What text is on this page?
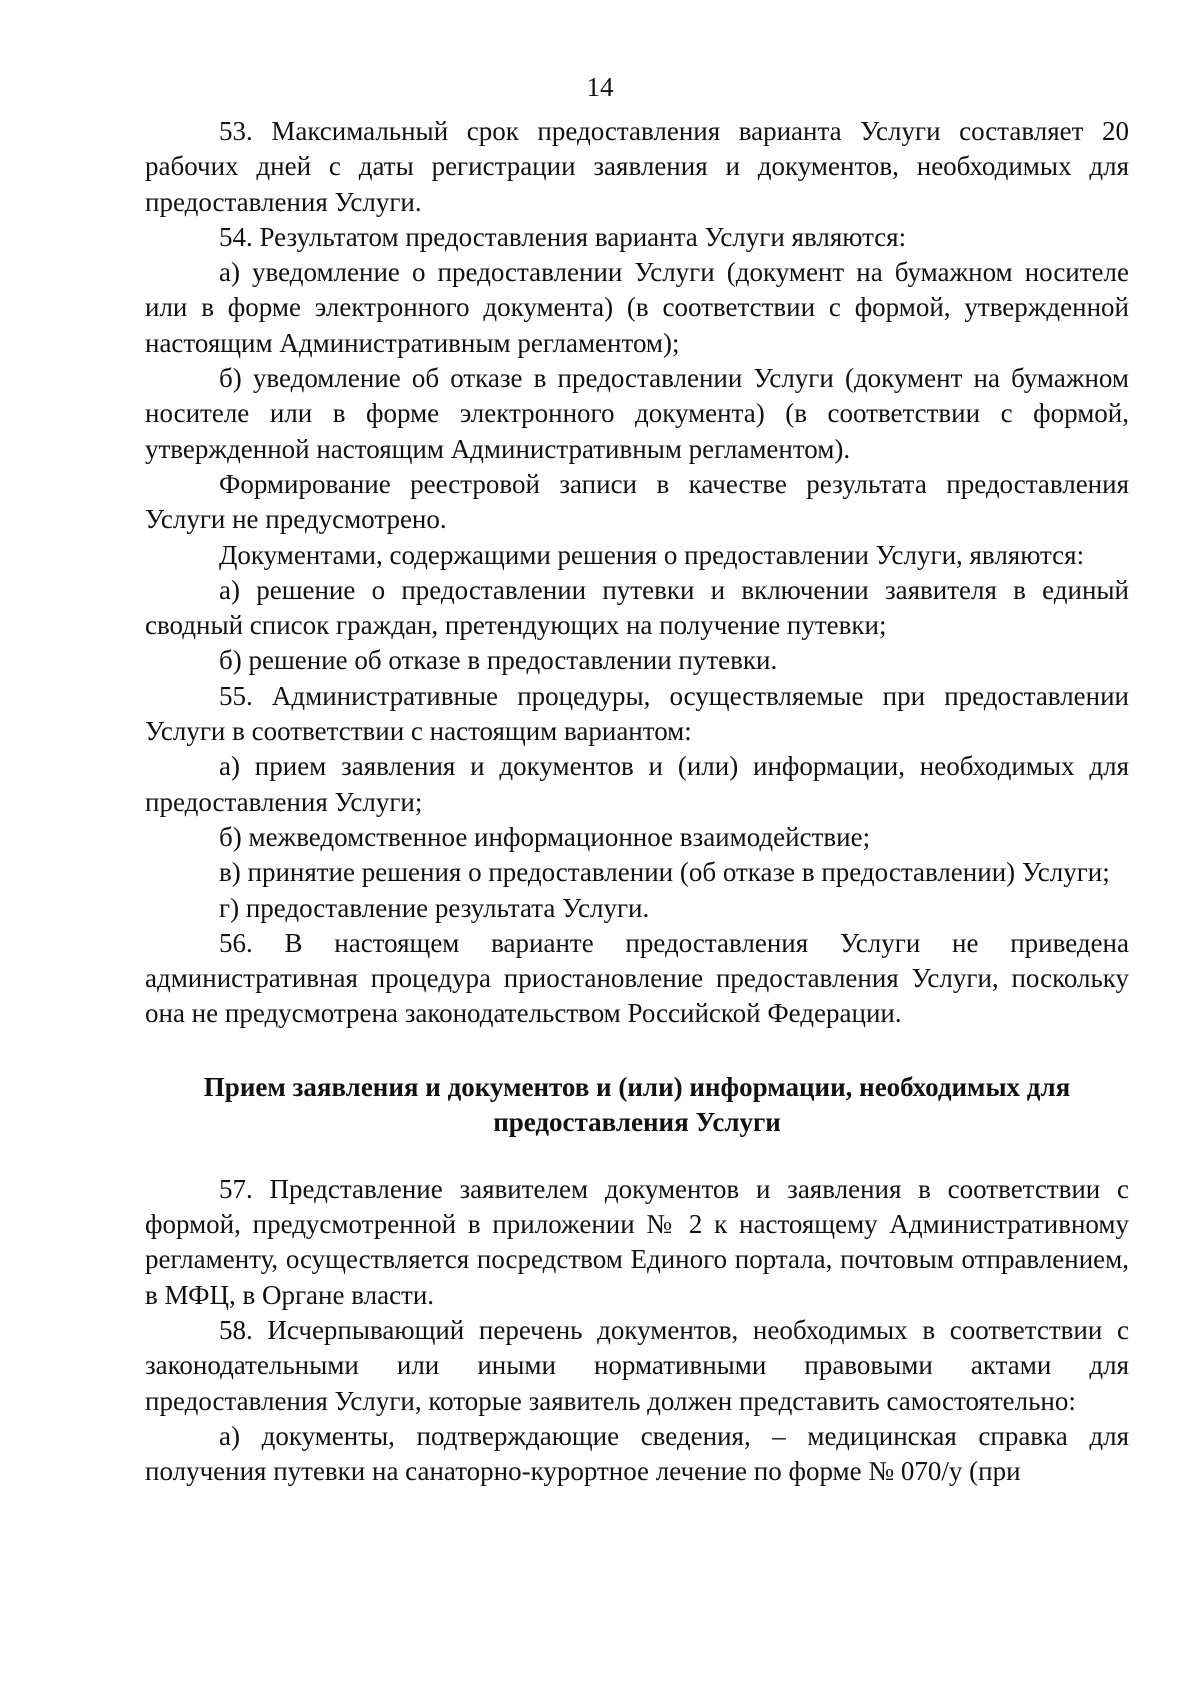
14

53. Максимальный срок предоставления варианта Услуги составляет 20 рабочих дней с даты регистрации заявления и документов, необходимых для предоставления Услуги.

54. Результатом предоставления варианта Услуги являются:

а) уведомление о предоставлении Услуги (документ на бумажном носителе или в форме электронного документа) (в соответствии с формой, утвержденной настоящим Административным регламентом);

б) уведомление об отказе в предоставлении Услуги (документ на бумажном носителе или в форме электронного документа) (в соответствии с формой, утвержденной настоящим Административным регламентом).

Формирование реестровой записи в качестве результата предоставления Услуги не предусмотрено.

Документами, содержащими решения о предоставлении Услуги, являются:

а) решение о предоставлении путевки и включении заявителя в единый сводный список граждан, претендующих на получение путевки;

б) решение об отказе в предоставлении путевки.

55. Административные процедуры, осуществляемые при предоставлении Услуги в соответствии с настоящим вариантом:

а) прием заявления и документов и (или) информации, необходимых для предоставления Услуги;

б) межведомственное информационное взаимодействие;

в) принятие решения о предоставлении (об отказе в предоставлении) Услуги;

г) предоставление результата Услуги.

56. В настоящем варианте предоставления Услуги не приведена административная процедура приостановление предоставления Услуги, поскольку она не предусмотрена законодательством Российской Федерации.

Прием заявления и документов и (или) информации, необходимых для
предоставления Услуги

57. Представление заявителем документов и заявления в соответствии с формой, предусмотренной в приложении № 2 к настоящему Административному регламенту, осуществляется посредством Единого портала, почтовым отправлением, в МФЦ, в Органе власти.

58. Исчерпывающий перечень документов, необходимых в соответствии с законодательными или иными нормативными правовыми актами для предоставления Услуги, которые заявитель должен представить самостоятельно:

а) документы, подтверждающие сведения, – медицинская справка для получения путевки на санаторно-курортное лечение по форме № 070/у (при
